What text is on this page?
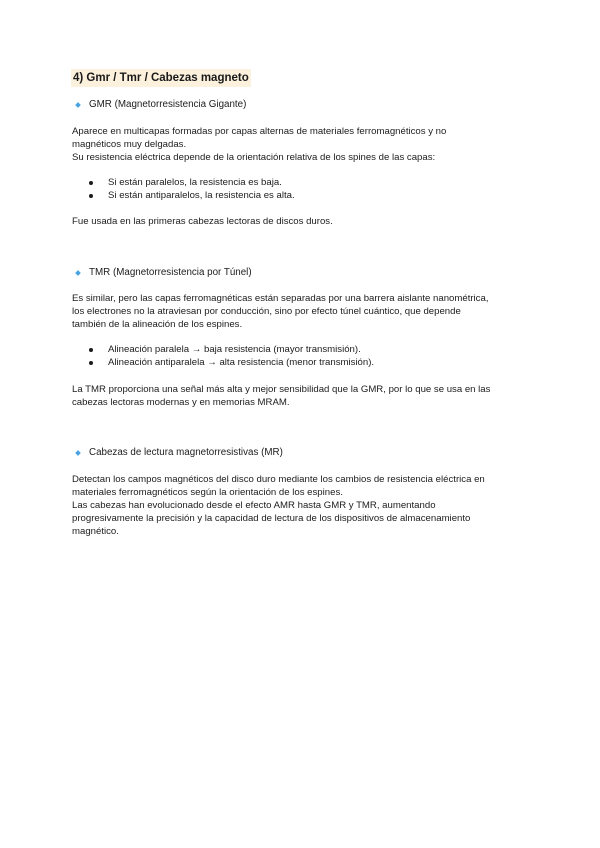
4) Gmr / Tmr / Cabezas magneto
GMR (Magnetorresistencia Gigante)

Aparece en multicapas formadas por capas alternas de materiales ferromagnéticos y no

magnéticos muy delgadas.

Su resistencia eléctrica depende de la orientación relativa de los spines de las capas:

Si están paralelos, la resistencia es baja.
Si están antiparalelos, la resistencia es alta.

Fue usada en las primeras cabezas lectoras de discos duros.

TMR (Magnetorresistencia por Túnel)

Es similar, pero las capas ferromagnéticas están separadas por una barrera aislante nanométrica,

los electrones no la atraviesan por conducción, sino por efecto túnel cuántico, que depende

también de la alineación de los espines.

Alineación paralela → baja resistencia (mayor transmisión).
Alineación antiparalela → alta resistencia (menor transmisión).

La TMR proporciona una señal más alta y mejor sensibilidad que la GMR, por lo que se usa en las

cabezas lectoras modernas y en memorias MRAM.

Cabezas de lectura magnetorresistivas (MR)

Detectan los campos magnéticos del disco duro mediante los cambios de resistencia eléctrica en

materiales ferromagnéticos según la orientación de los espines.

Las cabezas han evolucionado desde el efecto AMR hasta GMR y TMR, aumentando

progresivamente la precisión y la capacidad de lectura de los dispositivos de almacenamiento

magnético.
